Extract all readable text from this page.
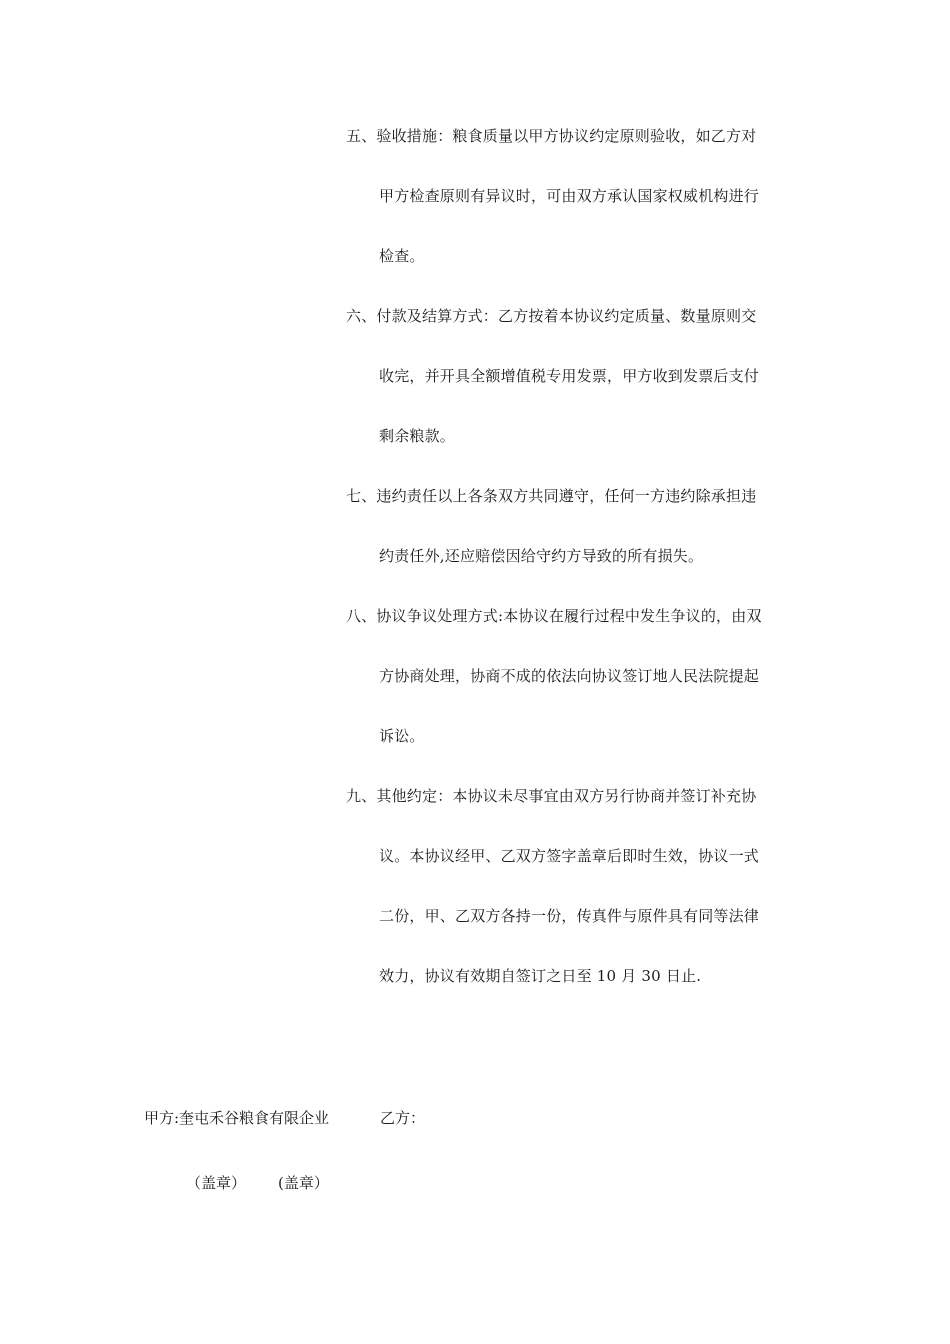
五、验收措施：粮食质量以甲方协议约定原则验收，如乙方对
甲方检查原则有异议时，可由双方承认国家权威机构进行
检查。
六、付款及结算方式：乙方按着本协议约定质量、数量原则交
收完，并开具全额增值税专用发票，甲方收到发票后支付
剩余粮款。
七、违约责任以上各条双方共同遵守，任何一方违约除承担违
约责任外,还应赔偿因给守约方导致的所有损失。
八、协议争议处理方式:本协议在履行过程中发生争议的，由双
方协商处理，协商不成的依法向协议签订地人民法院提起
诉讼。
九、其他约定：本协议未尽事宜由双方另行协商并签订补充协
议。本协议经甲、乙双方签字盖章后即时生效，协议一式
二份，甲、乙双方各持一份，传真件与原件具有同等法律
效力，协议有效期自签订之日至 10 月 30 日止.
甲方:奎屯禾谷粮食有限企业	乙方：
（盖章） (盖章）
